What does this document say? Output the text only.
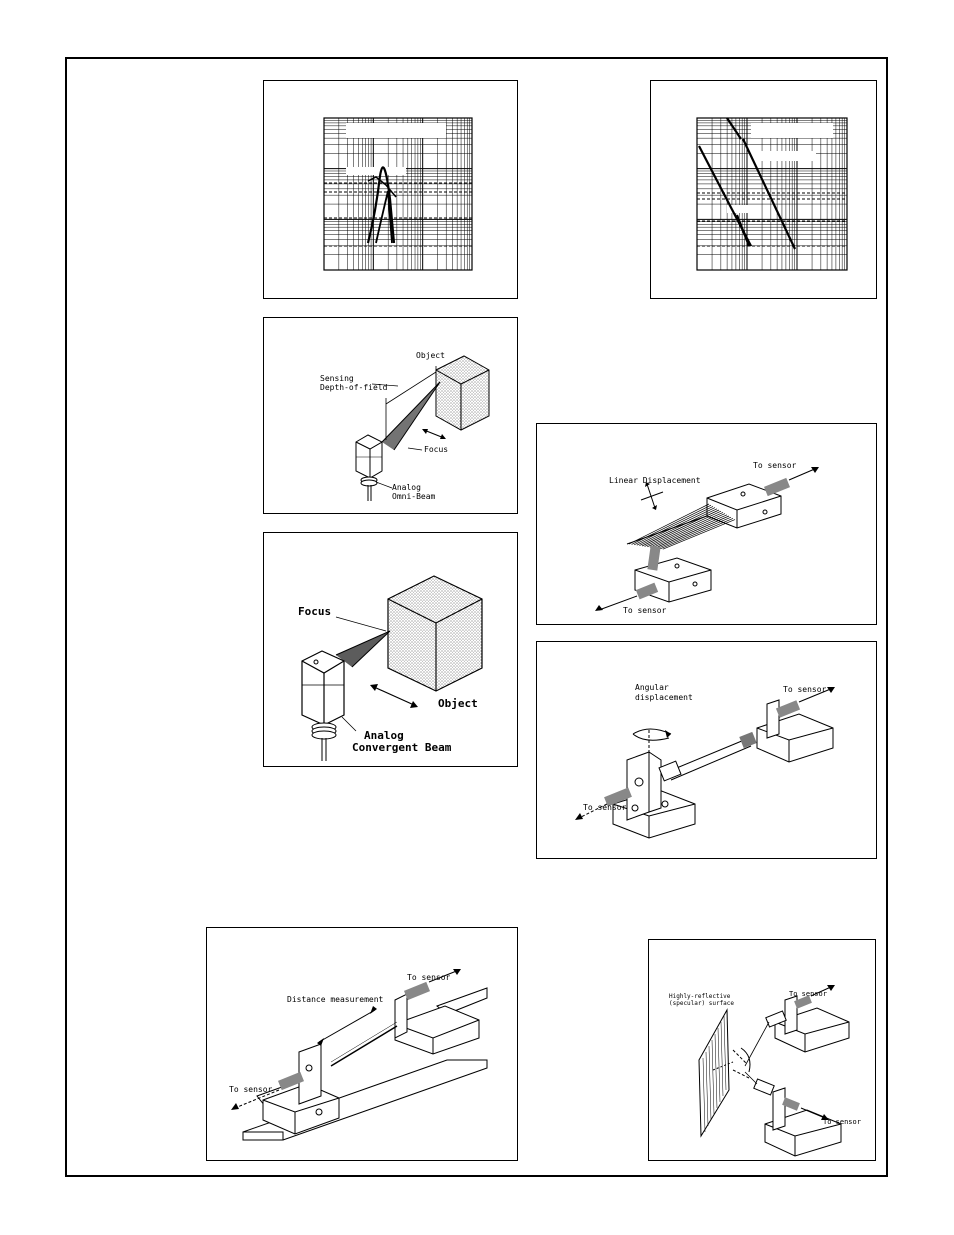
Object
Sensing
Depth-of-field
Focus
Analog
Omni-Beam
Focus
Object
Analog
Convergent Beam
Linear Displacement
To sensor
To sensor
Angular
displacement
To sensor
To sensor
Distance measurement
To sensor
To sensor
Highly-reflective
(specular) surface
To sensor
To sensor
